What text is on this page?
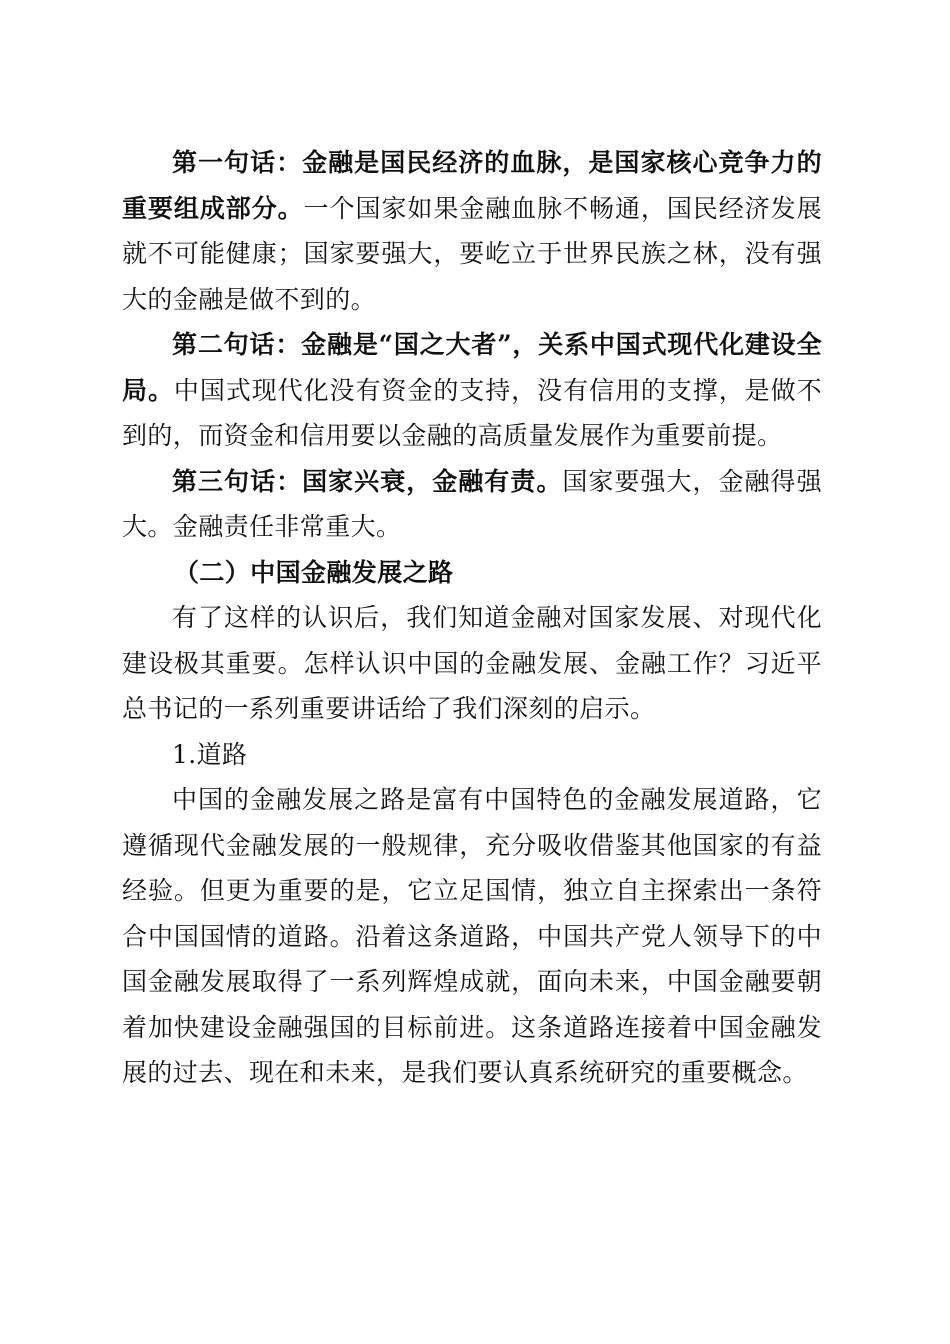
第一句话：金融是国民经济的血脉，是国家核心竞争力的重要组成部分。一个国家如果金融血脉不畅通，国民经济发展就不可能健康；国家要强大，要屹立于世界民族之林，没有强大的金融是做不到的。

第二句话：金融是“国之大者”，关系中国式现代化建设全局。中国式现代化没有资金的支持，没有信用的支撑，是做不到的，而资金和信用要以金融的高质量发展作为重要前提。

第三句话：国家兴衰，金融有责。国家要强大，金融得强大。金融责任非常重大。

（二）中国金融发展之路

有了这样的认识后，我们知道金融对国家发展、对现代化建设极其重要。怎样认识中国的金融发展、金融工作？习近平总书记的一系列重要讲话给了我们深刻的启示。

1.道路

中国的金融发展之路是富有中国特色的金融发展道路，它遵循现代金融发展的一般规律，充分吸收借鉴其他国家的有益经验。但更为重要的是，它立足国情，独立自主探索出一条符合中国国情的道路。沿着这条道路，中国共产党人领导下的中国金融发展取得了一系列辉煌成就，面向未来，中国金融要朝着加快建设金融强国的目标前进。这条道路连接着中国金融发展的过去、现在和未来，是我们要认真系统研究的重要概念。
